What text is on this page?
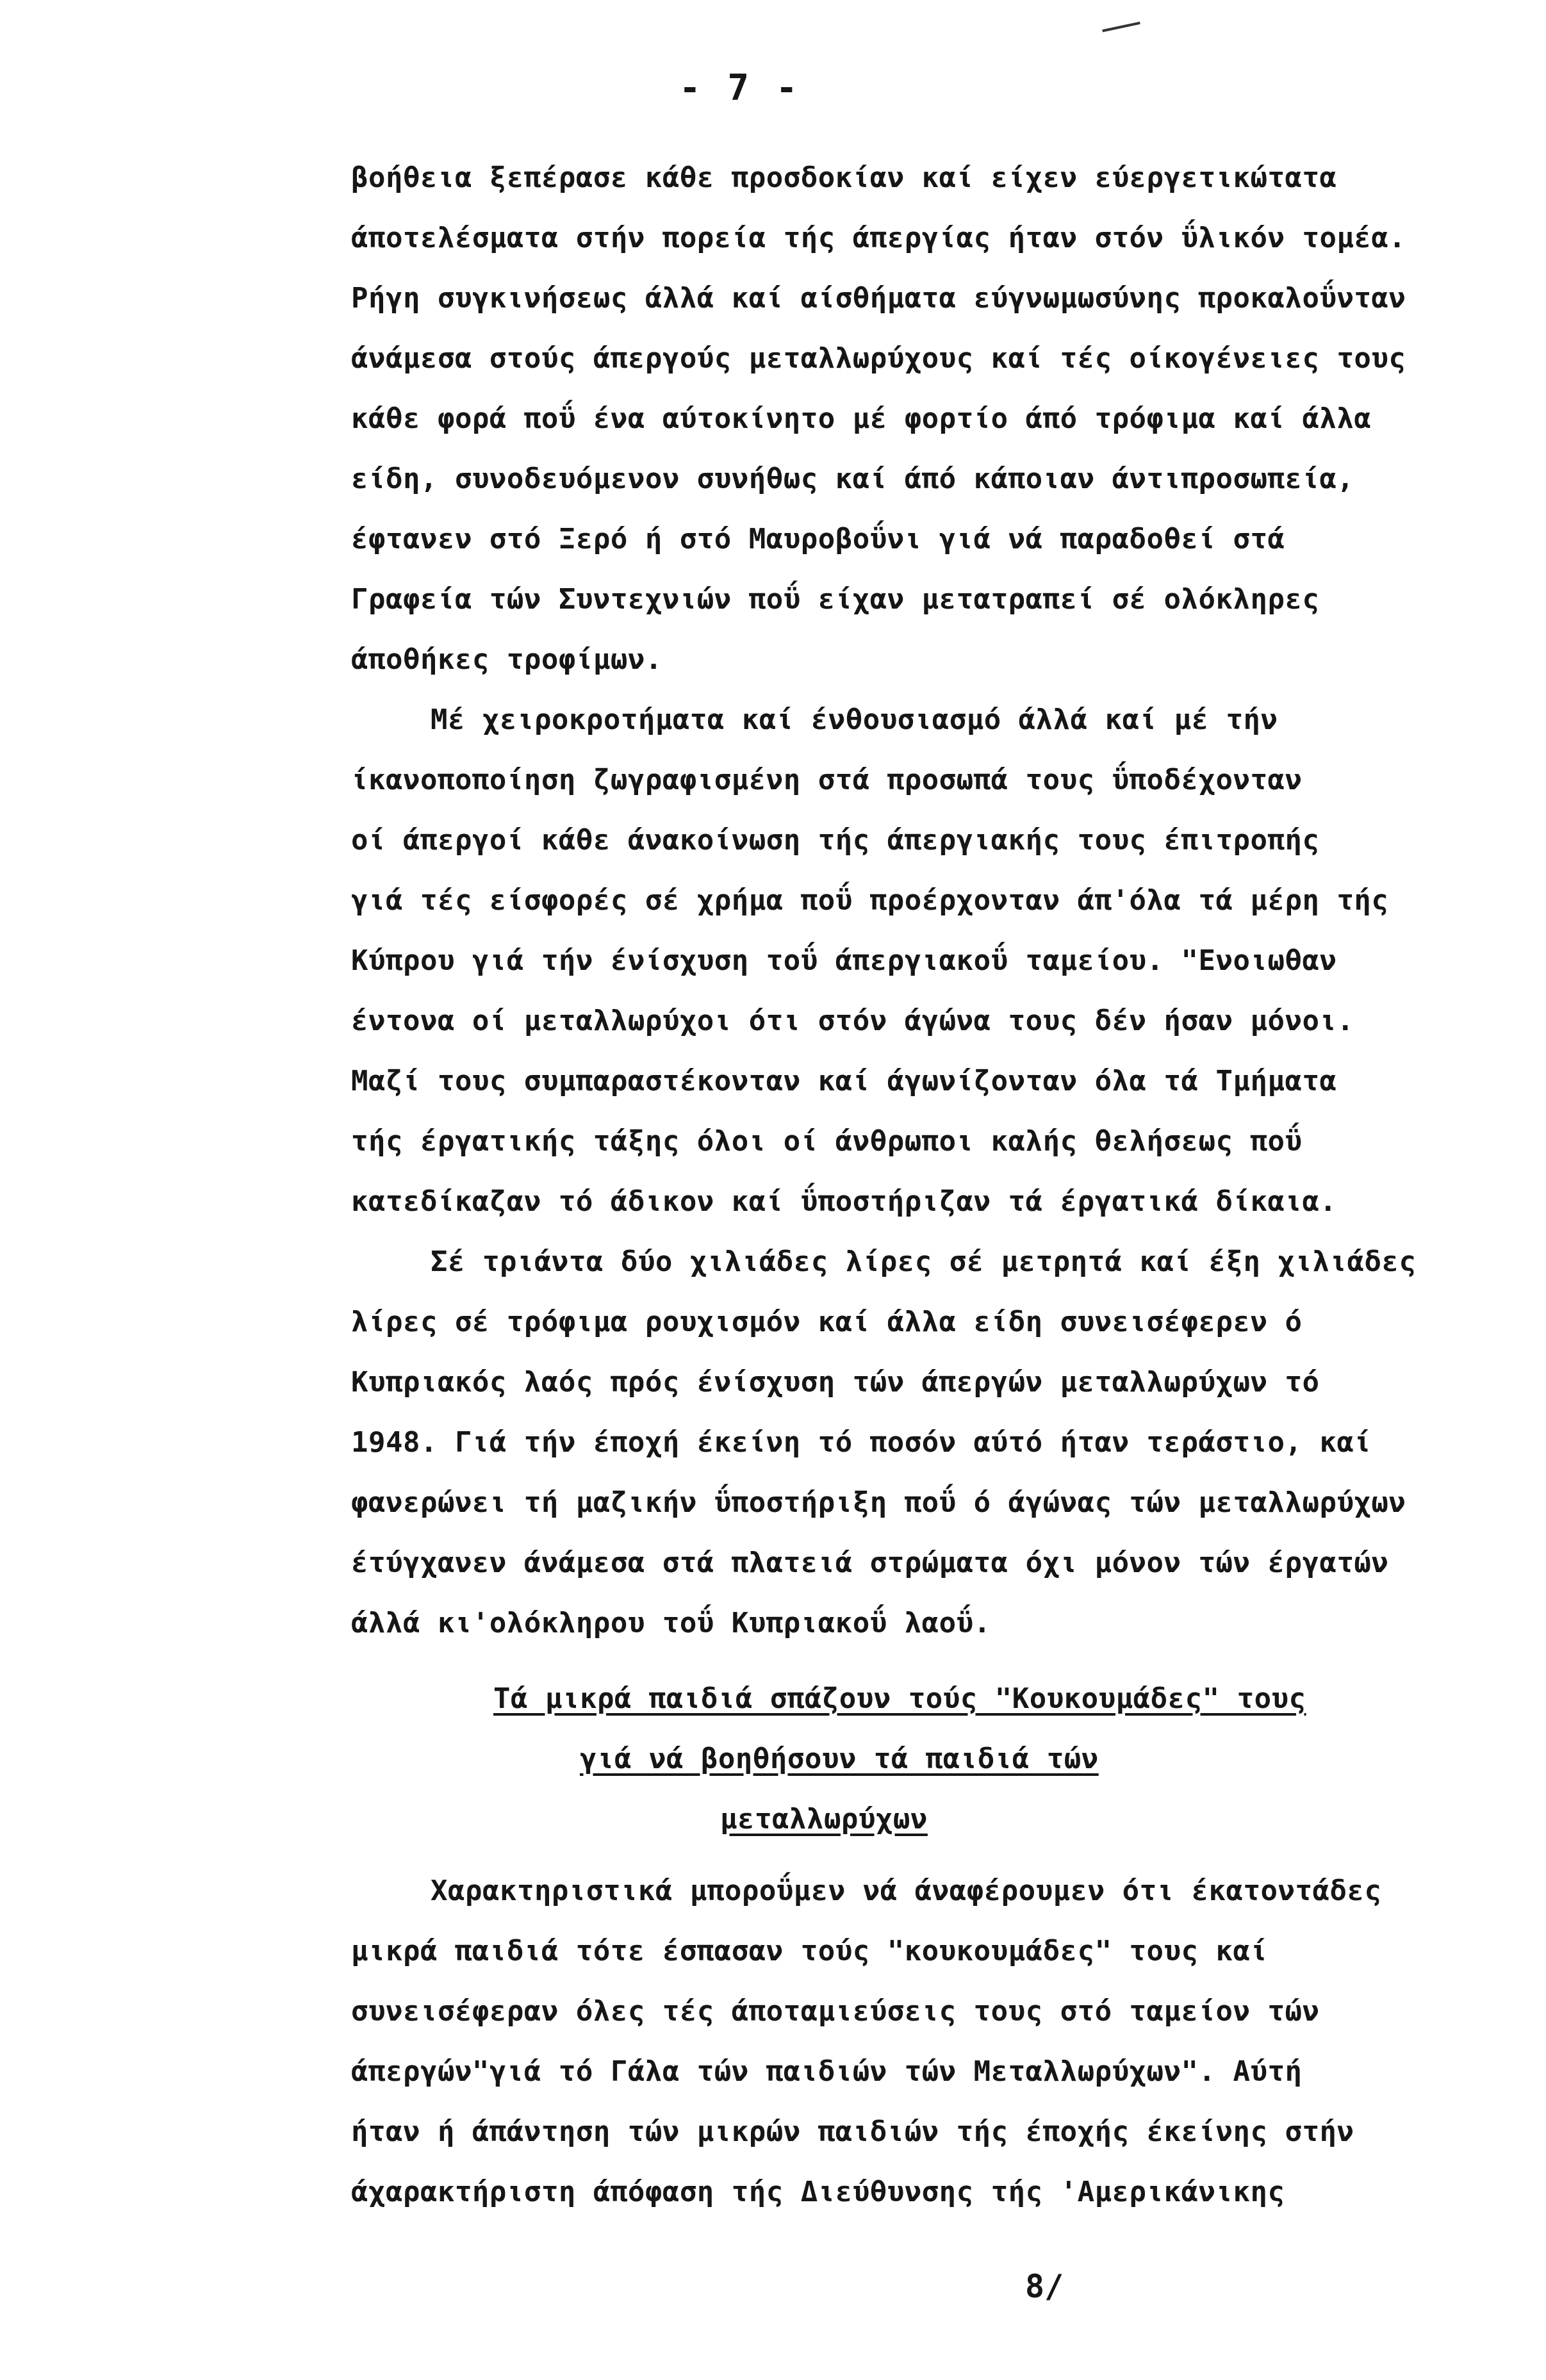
- 7 -
βοήθεια ξεπέρασε κάθε προσδοκίαν καί είχεν εύεργετικώτατα
άποτελέσματα στήν πορεία τής άπεργίας ήταν στόν ΰλικόν τομέα.
Ρήγη συγκινήσεως άλλά καί αίσθήματα εύγνωμωσύνης προκαλοΰνταν
άνάμεσα στούς άπεργούς μεταλλωρύχους καί τές οίκογένειες τους
κάθε φορά ποΰ ένα αύτοκίνητο μέ φορτίο άπό τρόφιμα καί άλλα
είδη, συνοδευόμενον συνήθως καί άπό κάποιαν άντιπροσωπεία,
έφτανεν στό Ξερό ή στό Μαυροβοΰνι γιά νά παραδοθεί στά
Γραφεία τών Συντεχνιών ποΰ είχαν μετατραπεί σέ ολόκληρες
άποθήκες τροφίμων.
Μέ χειροκροτήματα καί ένθουσιασμό άλλά καί μέ τήν
ίκανοποποίηση ζωγραφισμένη στά προσωπά τους ΰποδέχονταν
οί άπεργοί κάθε άνακοίνωση τής άπεργιακής τους έπιτροπής
γιά τές είσφορές σέ χρήμα ποΰ προέρχονταν άπ'όλα τά μέρη τής
Κύπρου γιά τήν ένίσχυση τοΰ άπεργιακοΰ ταμείου. "Ενοιωθαν
έντονα οί μεταλλωρύχοι ότι στόν άγώνα τους δέν ήσαν μόνοι.
Μαζί τους συμπαραστέκονταν καί άγωνίζονταν όλα τά Τμήματα
τής έργατικής τάξης όλοι οί άνθρωποι καλής θελήσεως ποΰ
κατεδίκαζαν τό άδικον καί ΰποστήριζαν τά έργατικά δίκαια.
Σέ τριάντα δύο χιλιάδες λίρες σέ μετρητά καί έξη χιλιάδες
λίρες σέ τρόφιμα ρουχισμόν καί άλλα είδη συνεισέφερεν ό
Κυπριακός λαός πρός ένίσχυση τών άπεργών μεταλλωρύχων τό
1948. Γιά τήν έποχή έκείνη τό ποσόν αύτό ήταν τεράστιο, καί
φανερώνει τή μαζικήν ΰποστήριξη ποΰ ό άγώνας τών μεταλλωρύχων
έτύγχανεν άνάμεσα στά πλατειά στρώματα όχι μόνον τών έργατών
άλλά κι'ολόκληρου τοΰ Κυπριακοΰ λαοΰ.
Τά μικρά παιδιά σπάζουν τούς "Κουκουμάδες" τους
γιά νά βοηθήσουν τά παιδιά τών
μεταλλωρύχων
Χαρακτηριστικά μποροΰμεν νά άναφέρουμεν ότι έκατοντάδες
μικρά παιδιά τότε έσπασαν τούς "κουκουμάδες" τους καί
συνεισέφεραν όλες τές άποταμιεύσεις τους στό ταμείον τών
άπεργών"γιά τό Γάλα τών παιδιών τών Μεταλλωρύχων". Αύτή
ήταν ή άπάντηση τών μικρών παιδιών τής έποχής έκείνης στήν
άχαρακτήριστη άπόφαση τής Διεύθυνσης τής 'Αμερικάνικης
8/
